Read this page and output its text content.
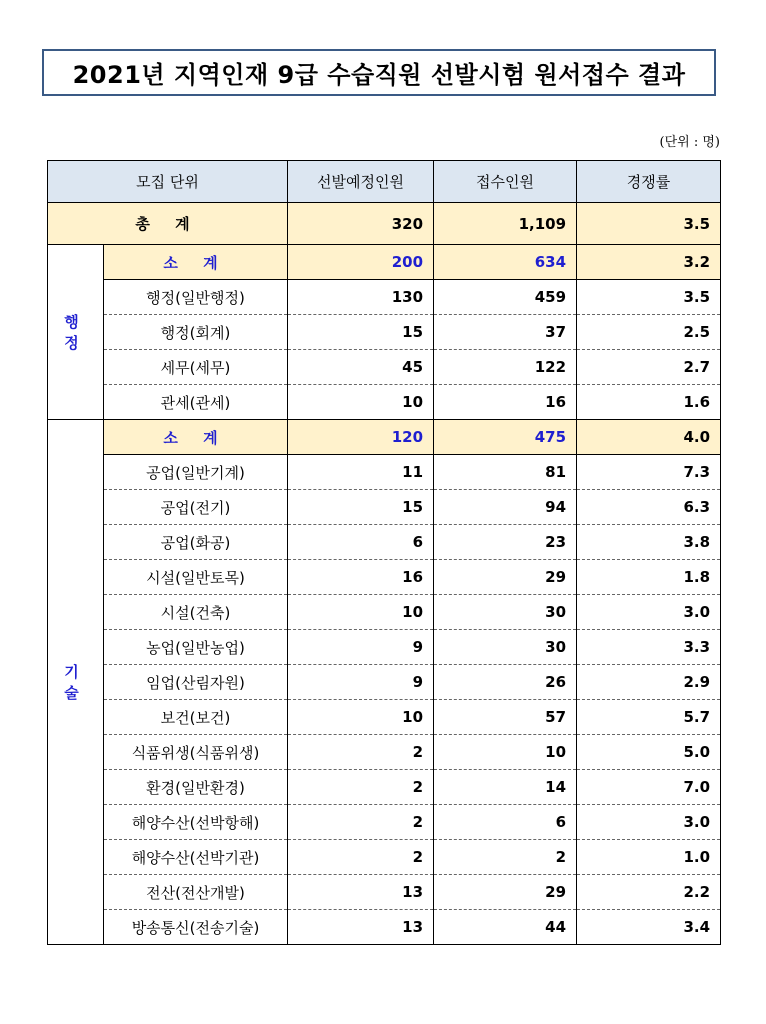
2021년 지역인재 9급 수습직원 선발시험 원서접수 결과
(단위 : 명)
모집 단위		선발예정인원	접수인원	경쟁률
총 계		320	1,109	3.5
행 정	소 계	200	634	3.2
	행정(일반행정)	130	459	3.5
	행정(회계)	15	37	2.5
	세무(세무)	45	122	2.7
	관세(관세)	10	16	1.6
기 술	소 계	120	475	4.0
	공업(일반기계)	11	81	7.3
	공업(전기)	15	94	6.3
	공업(화공)	6	23	3.8
	시설(일반토목)	16	29	1.8
	시설(건축)	10	30	3.0
	농업(일반농업)	9	30	3.3
	임업(산림자원)	9	26	2.9
	보건(보건)	10	57	5.7
	식품위생(식품위생)	2	10	5.0
	환경(일반환경)	2	14	7.0
	해양수산(선박항해)	2	6	3.0
	해양수산(선박기관)	2	2	1.0
	전산(전산개발)	13	29	2.2
	방송통신(전송기술)	13	44	3.4
